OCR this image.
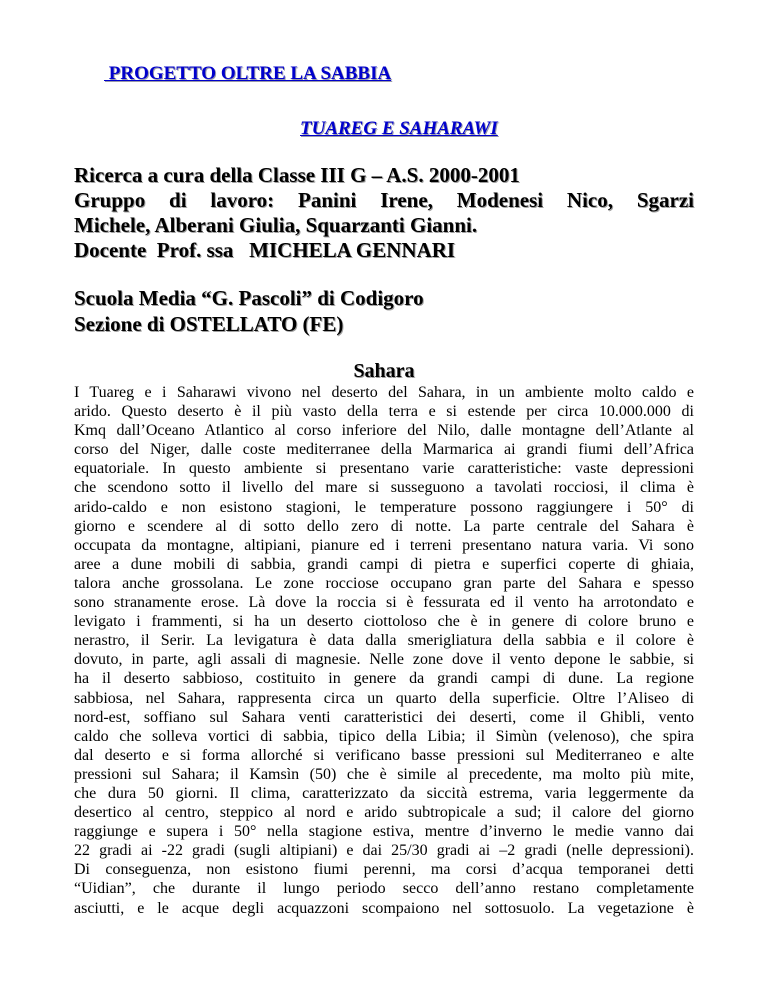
PROGETTO OLTRE LA SABBIA
TUAREG E SAHARAWI
Ricerca a cura della Classe III G – A.S. 2000-2001
Gruppo di lavoro: Panini Irene, Modenesi Nico, Sgarzi
Michele, Alberani Giulia, Squarzanti Gianni.
Docente  Prof. ssa   MICHELA GENNARI
Scuola Media “G. Pascoli” di Codigoro
Sezione di OSTELLATO (FE)
Sahara
I Tuareg e i Saharawi vivono nel deserto del Sahara, in un ambiente molto caldo e
arido. Questo deserto è il più vasto della terra e si estende per circa 10.000.000 di
Kmq dall’Oceano Atlantico al corso inferiore del Nilo, dalle montagne dell’Atlante al
corso del Niger, dalle coste mediterranee della Marmarica ai grandi fiumi dell’Africa
equatoriale. In questo ambiente si presentano varie caratteristiche: vaste depressioni
che scendono sotto il livello del mare si susseguono a tavolati rocciosi, il clima è
arido-caldo e non esistono stagioni, le temperature possono raggiungere i 50° di
giorno e scendere al di sotto dello zero di notte. La parte centrale del Sahara è
occupata da montagne, altipiani, pianure ed i terreni presentano natura varia. Vi sono
aree a dune mobili di sabbia, grandi campi di pietra e superfici coperte di ghiaia,
talora anche grossolana. Le zone rocciose occupano gran parte del Sahara e spesso
sono stranamente erose. Là dove la roccia si è fessurata ed il vento ha arrotondato e
levigato i frammenti, si ha un deserto ciottoloso che è in genere di colore bruno e
nerastro, il Serir. La levigatura è data dalla smerigliatura della sabbia e il colore è
dovuto, in parte, agli assali di magnesie. Nelle zone dove il vento depone le sabbie, si
ha il deserto sabbioso, costituito in genere da grandi campi di dune. La regione
sabbiosa, nel Sahara, rappresenta circa un quarto della superficie. Oltre l’Aliseo di
nord-est, soffiano sul Sahara venti caratteristici dei deserti, come il Ghibli, vento
caldo che solleva vortici di sabbia, tipico della Libia; il Simùn (velenoso), che spira
dal deserto e si forma allorché si verificano basse pressioni sul Mediterraneo e alte
pressioni sul Sahara; il Kamsìn (50) che è simile al precedente, ma molto più mite,
che dura 50 giorni. Il clima, caratterizzato da siccità estrema, varia leggermente da
desertico al centro, steppico al nord e arido subtropicale a sud; il calore del giorno
raggiunge e supera i 50° nella stagione estiva, mentre d’inverno le medie vanno dai
22 gradi ai -22 gradi (sugli altipiani) e dai 25/30 gradi ai –2 gradi (nelle depressioni).
Di conseguenza, non esistono fiumi perenni, ma corsi d’acqua temporanei detti
“Uidian”, che durante il lungo periodo secco dell’anno restano completamente
asciutti, e le acque degli acquazzoni scompaiono nel sottosuolo. La vegetazione è
